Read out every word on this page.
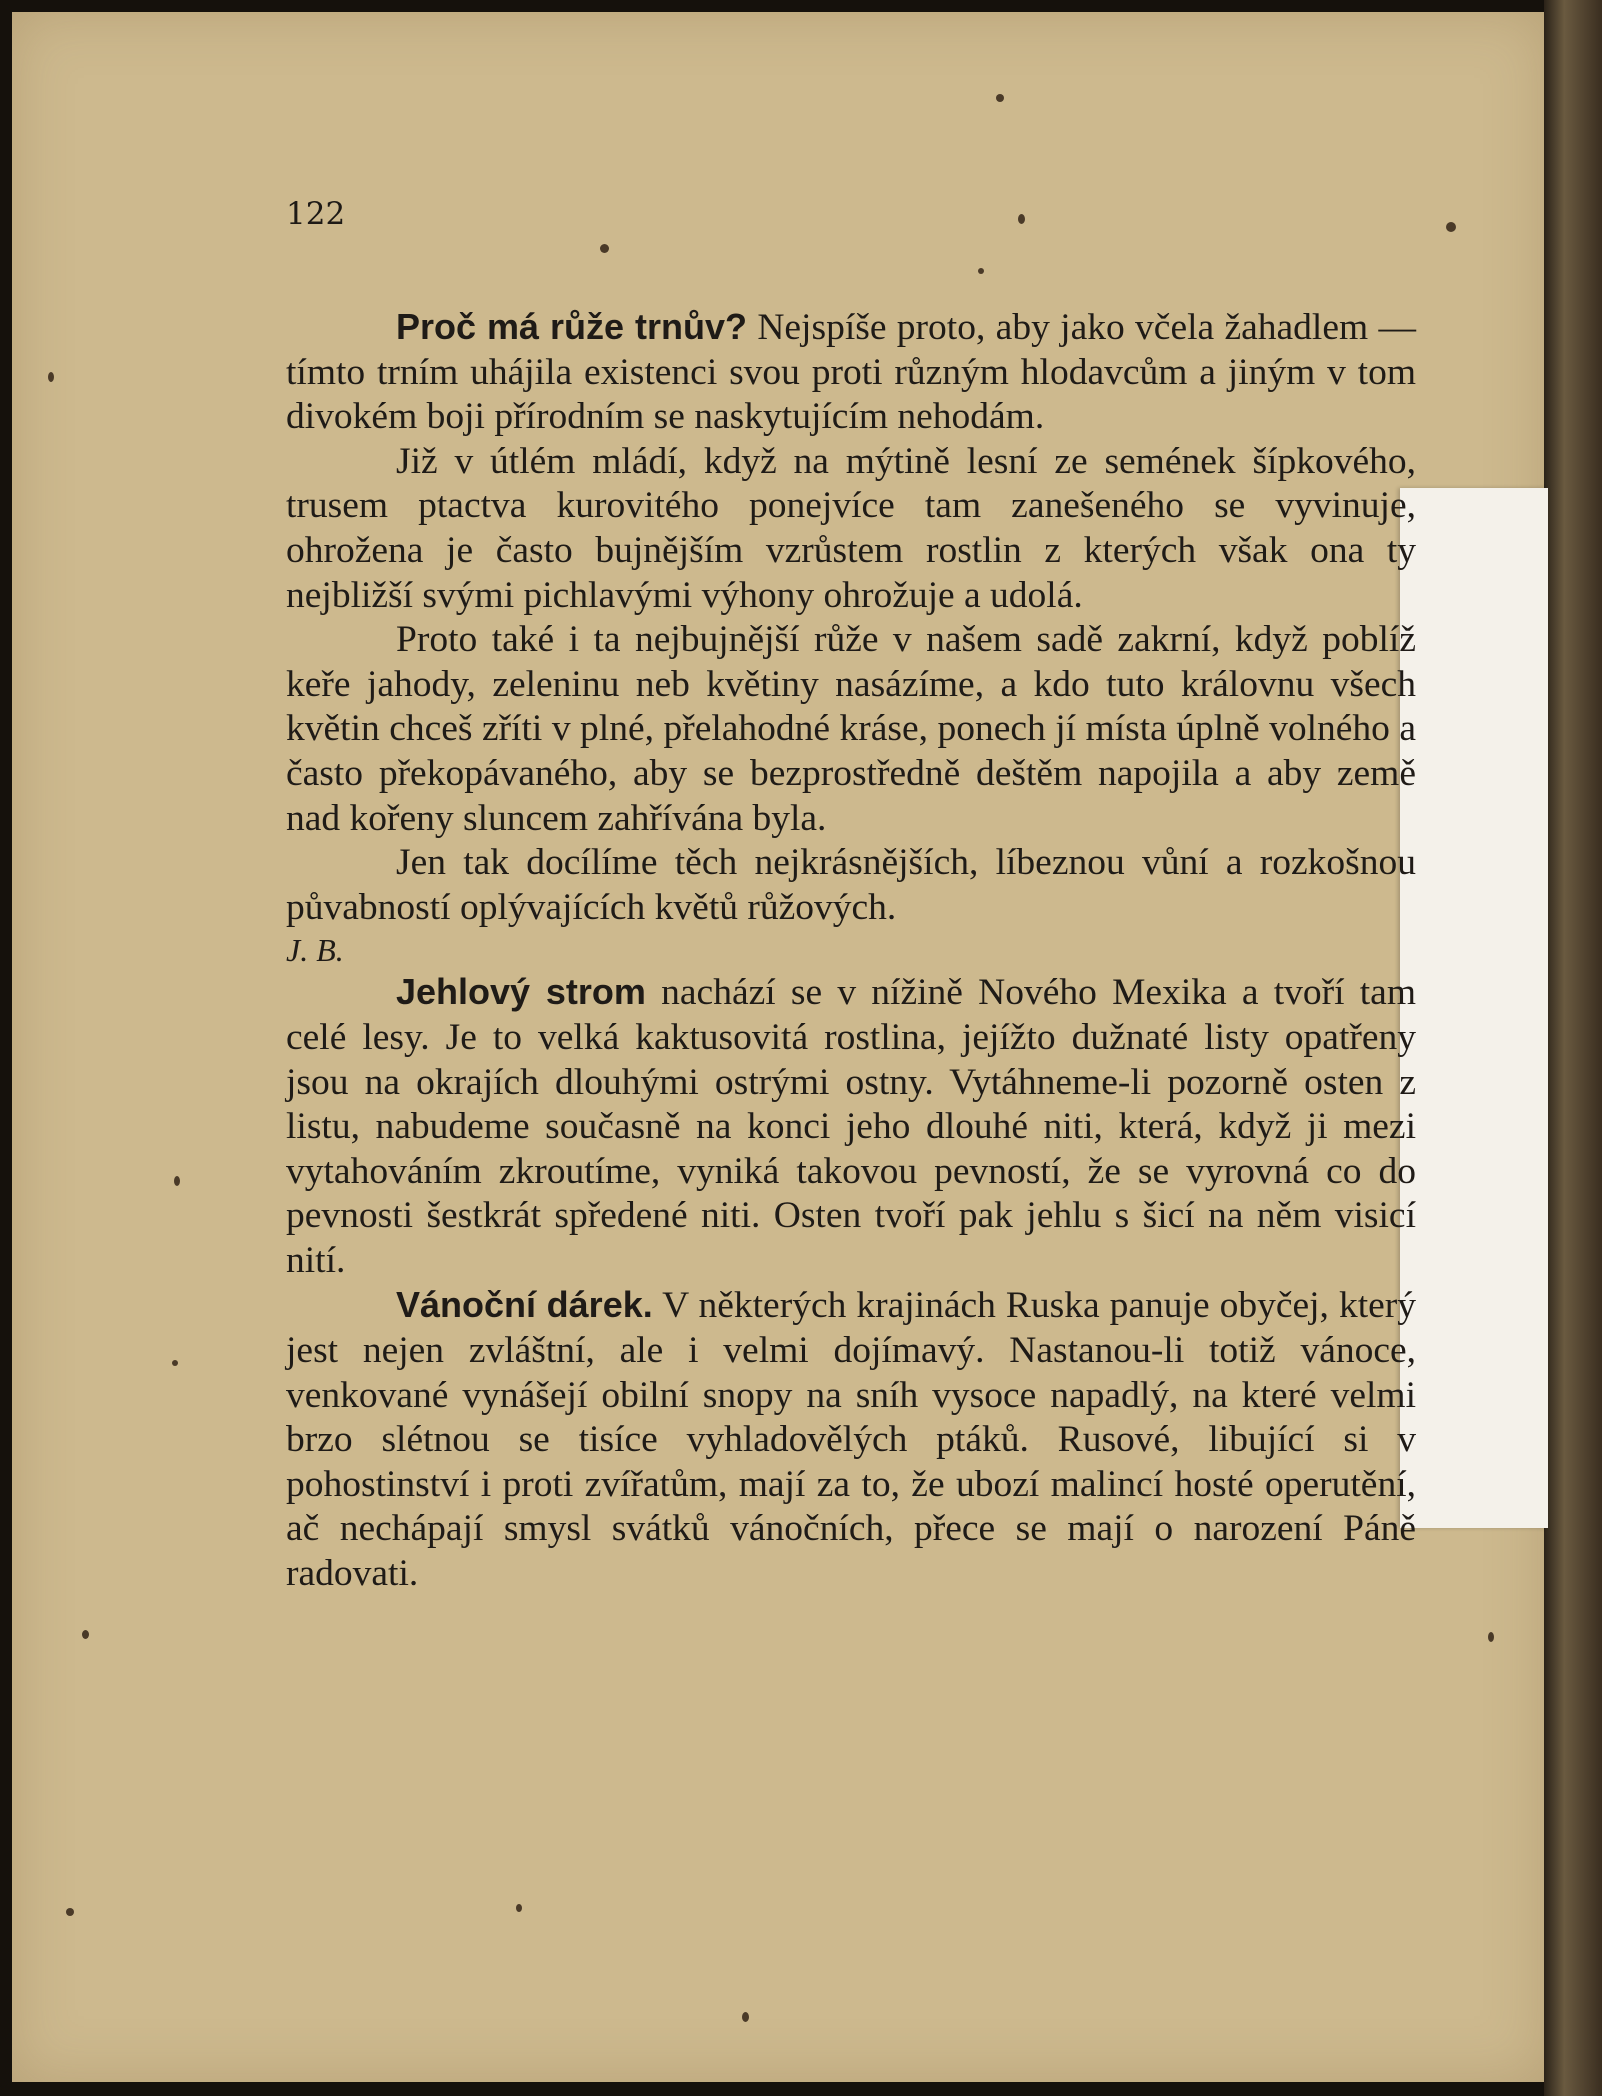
122

Proč má růže trnův? Nejspíše proto, aby jako včela žahadlem — tímto trním uhájila existenci svou proti různým hlodavcům a jiným v tom divokém boji přírodním se naskytujícím nehodám.

Již v útlém mládí, když na mýtině lesní ze semének šípkového, trusem ptactva kurovitého ponejvíce tam zanešeného se vyvinuje, ohrožena je často bujnějším vzrůstem rostlin z kterých však ona ty nejbližší svými pichlavými výhony ohrožuje a udolá.

Proto také i ta nejbujnější růže v našem sadě zakrní, když poblíž keře jahody, zeleninu neb květiny nasázíme, a kdo tuto královnu všech květin chceš zříti v plné, přelahodné kráse, ponech jí místa úplně volného a často překopávaného, aby se bezprostředně deštěm napojila a aby země nad kořeny sluncem zahřívána byla.

Jen tak docílíme těch nejkrásnějších, líbeznou vůní a rozkošnou půvabností oplývajících květů růžových.

J. B.

Jehlový strom nachází se v nížině Nového Mexika a tvoří tam celé lesy. Je to velká kaktusovitá rostlina, jejížto dužnaté listy opatřeny jsou na okrajích dlouhými ostrými ostny. Vytáhneme-li pozorně osten z listu, nabudeme současně na konci jeho dlouhé niti, která, když ji mezi vytahováním zkroutíme, vyniká takovou pevností, že se vyrovná co do pevnosti šestkrát spředené niti. Osten tvoří pak jehlu s šicí na něm visicí nití.

Vánoční dárek. V některých krajinách Ruska panuje obyčej, který jest nejen zvláštní, ale i velmi dojímavý. Nastanou-li totiž vánoce, venkované vynášejí obilní snopy na sníh vysoce napadlý, na které velmi brzo slétnou se tisíce vyhladovělých ptáků. Rusové, libující si v pohostinství i proti zvířatům, mají za to, že ubozí malincí hosté operutění, ač nechápají smysl svátků vánočních, přece se mají o narození Páně radovati.
